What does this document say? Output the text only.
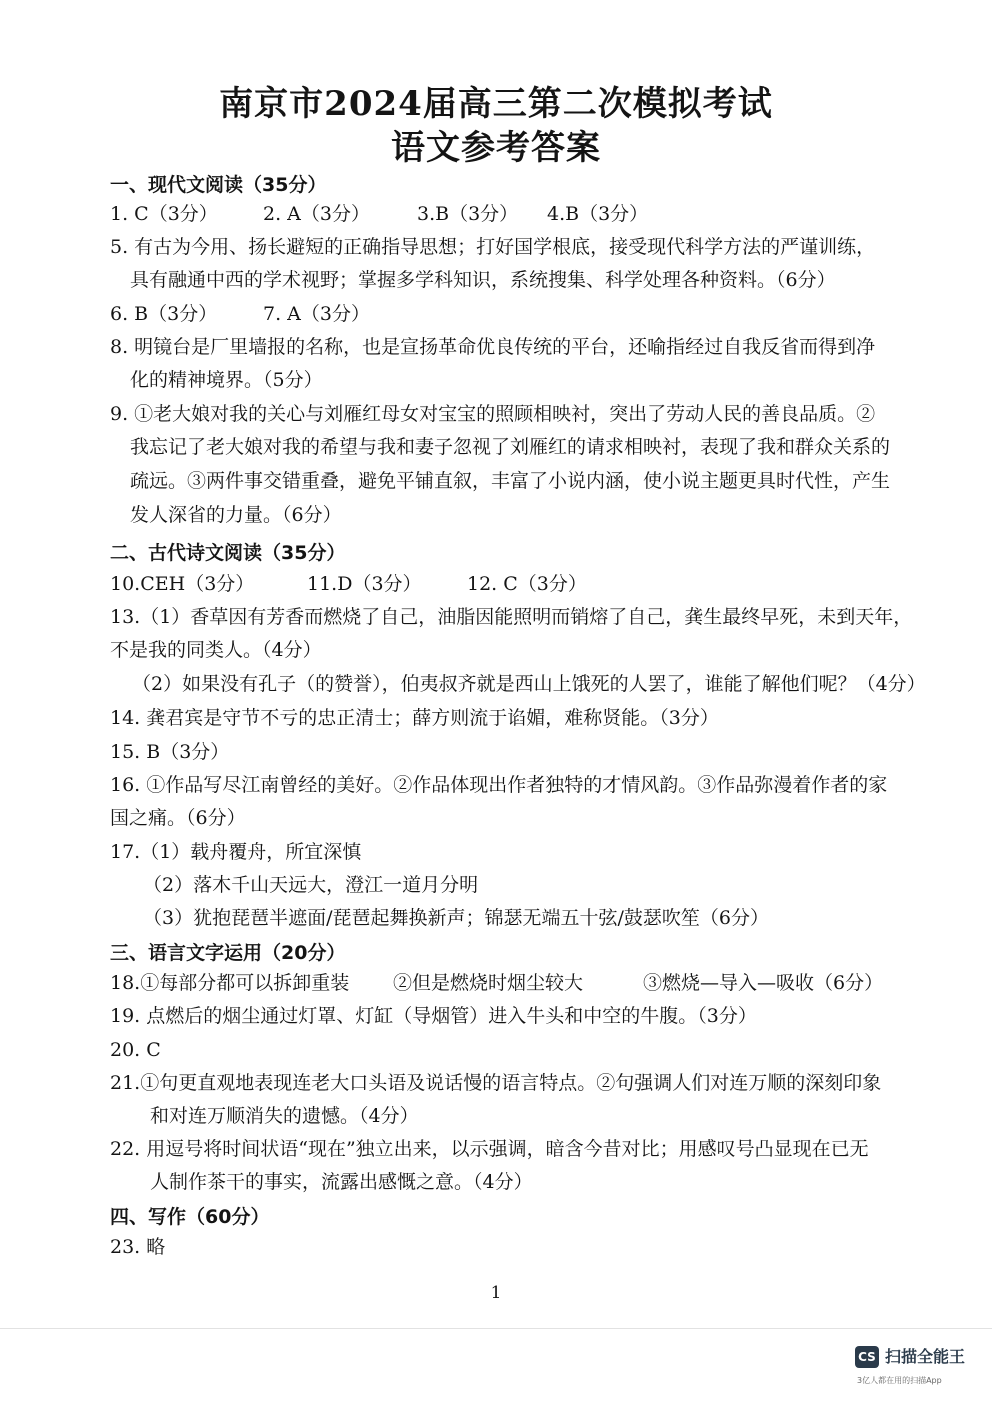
南京市2024届高三第二次模拟考试
语文参考答案
一、现代文阅读（35分）
1. C（3分） 2. A（3分） 3.B（3分） 4.B（3分）
5. 有古为今用、扬长避短的正确指导思想；打好国学根底，接受现代科学方法的严谨训练，
具有融通中西的学术视野；掌握多学科知识，系统搜集、科学处理各种资料。（6分）
6. B（3分） 7. A（3分）
8. 明镜台是厂里墙报的名称，也是宣扬革命优良传统的平台，还喻指经过自我反省而得到净
化的精神境界。（5分）
9. ①老大娘对我的关心与刘雁红母女对宝宝的照顾相映衬，突出了劳动人民的善良品质。②
我忘记了老大娘对我的希望与我和妻子忽视了刘雁红的请求相映衬，表现了我和群众关系的
疏远。③两件事交错重叠，避免平铺直叙，丰富了小说内涵，使小说主题更具时代性，产生
发人深省的力量。（6分）
二、古代诗文阅读（35分）
10.CEH（3分）	11.D（3分） 12. C（3分）
13.（1）香草因有芳香而燃烧了自己，油脂因能照明而销熔了自己，龚生最终早死，未到天年，
不是我的同类人。（4分）
（2）如果没有孔子（的赞誉），伯夷叔齐就是西山上饿死的人罢了，谁能了解他们呢？（4分）
14. 龚君宾是守节不亏的忠正清士；薛方则流于谄媚，难称贤能。（3分）
15. B（3分）
16. ①作品写尽江南曾经的美好。②作品体现出作者独特的才情风韵。③作品弥漫着作者的家
国之痛。（6分）
17.（1）载舟覆舟，所宜深慎
（2）落木千山天远大，澄江一道月分明
（3）犹抱琵琶半遮面/琵琶起舞换新声；锦瑟无端五十弦/鼓瑟吹笙（6分）
三、语言文字运用（20分）
18.①每部分都可以拆卸重装 ②但是燃烧时烟尘较大	③燃烧—导入—吸收（6分）
19. 点燃后的烟尘通过灯罩、灯缸（导烟管）进入牛头和中空的牛腹。（3分）
20. C
21.①句更直观地表现连老大口头语及说话慢的语言特点。②句强调人们对连万顺的深刻印象
和对连万顺消失的遗憾。（4分）
22. 用逗号将时间状语“现在”独立出来，以示强调，暗含今昔对比；用感叹号凸显现在已无
人制作茶干的事实，流露出感慨之意。（4分）
四、写作（60分）
23. 略
1
CS 扫描全能王
3亿人都在用的扫描App
